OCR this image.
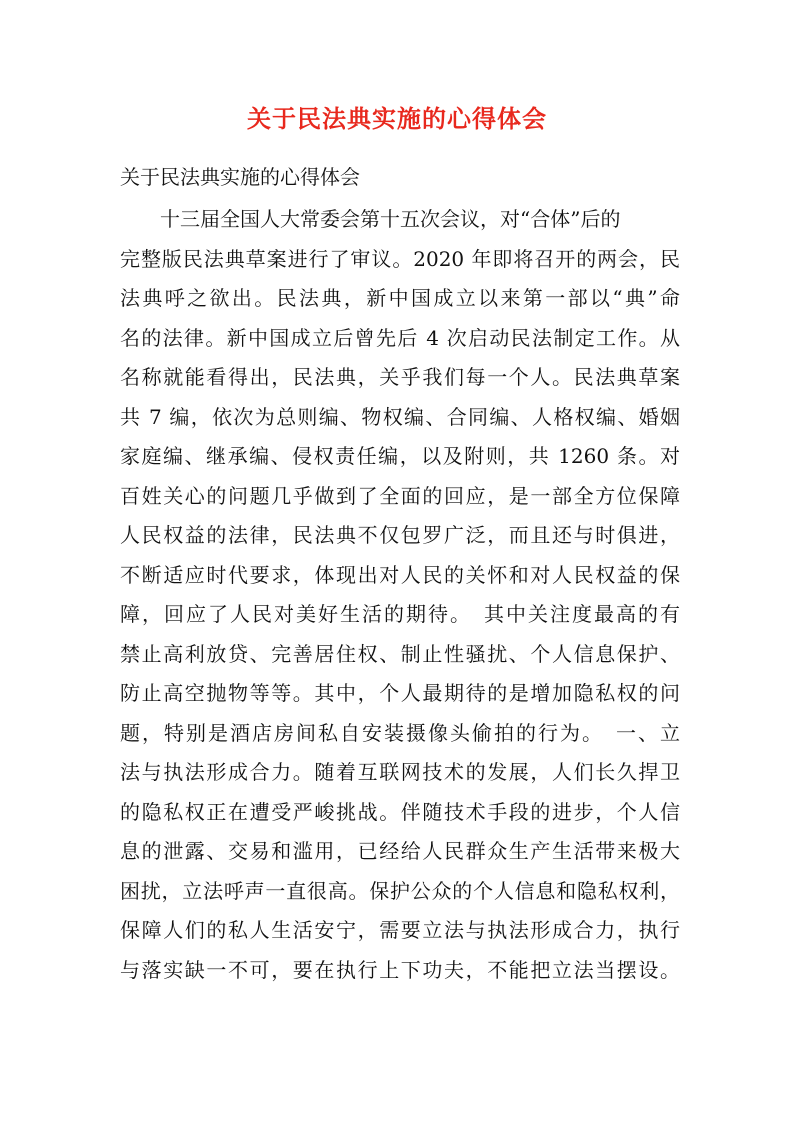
关于民法典实施的心得体会
关于民法典实施的心得体会
十三届全国人大常委会第十五次会议，对“合体”后的
完整版民法典草案进行了审议。2020 年即将召开的两会，民
法典呼之欲出。民法典，新中国成立以来第一部以“典”命
名的法律。新中国成立后曾先后 4 次启动民法制定工作。从
名称就能看得出，民法典，关乎我们每一个人。民法典草案
共 7 编，依次为总则编、物权编、合同编、人格权编、婚姻
家庭编、继承编、侵权责任编，以及附则，共 1260 条。对
百姓关心的问题几乎做到了全面的回应，是一部全方位保障
人民权益的法律，民法典不仅包罗广泛，而且还与时俱进，
不断适应时代要求，体现出对人民的关怀和对人民权益的保
障，回应了人民对美好生活的期待。　其中关注度最高的有
禁止高利放贷、完善居住权、制止性骚扰、个人信息保护、
防止高空抛物等等。其中，个人最期待的是增加隐私权的问
题，特别是酒店房间私自安装摄像头偷拍的行为。　一、立
法与执法形成合力。随着互联网技术的发展，人们长久捍卫
的隐私权正在遭受严峻挑战。伴随技术手段的进步，个人信
息的泄露、交易和滥用，已经给人民群众生产生活带来极大
困扰，立法呼声一直很高。保护公众的个人信息和隐私权利，
保障人们的私人生活安宁，需要立法与执法形成合力，执行
与落实缺一不可，要在执行上下功夫，不能把立法当摆设。
